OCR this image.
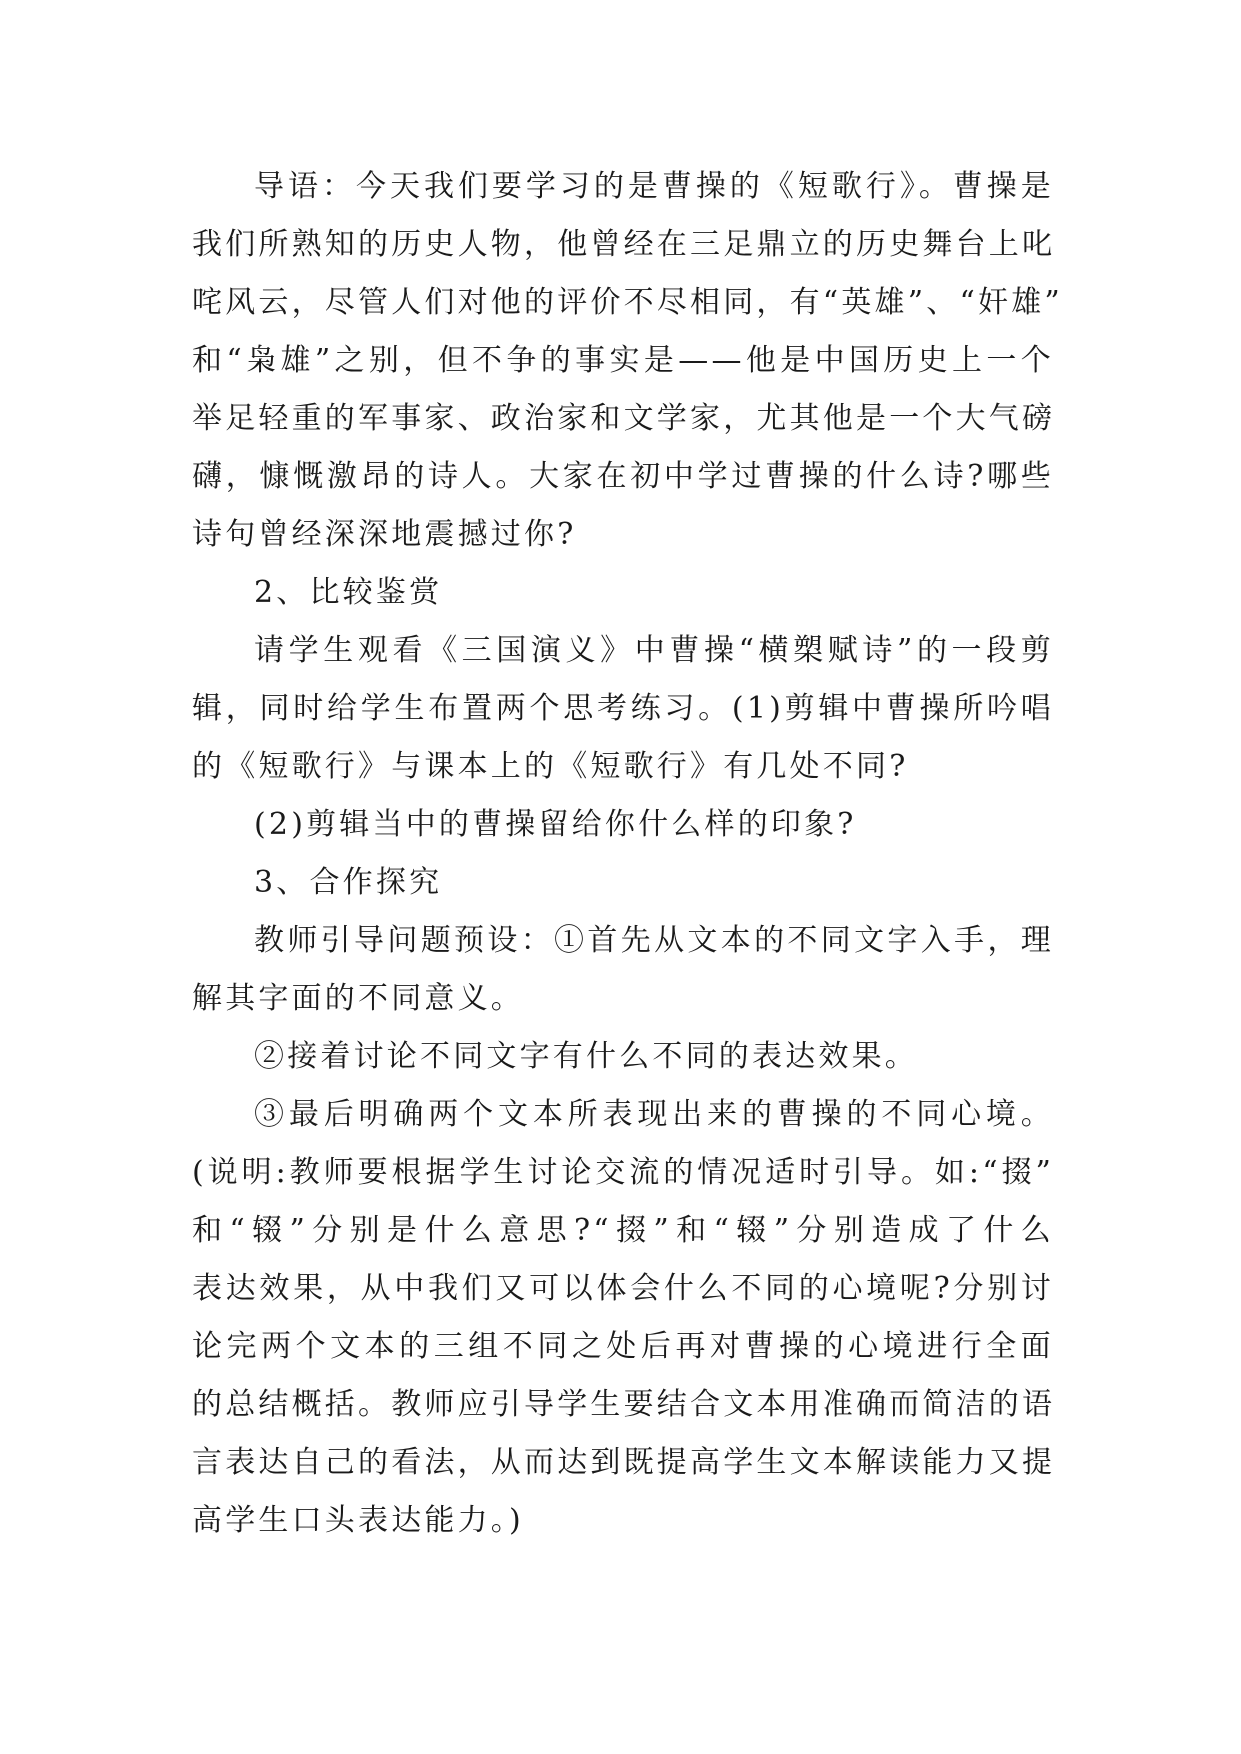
导语：今天我们要学习的是曹操的《短歌行》。曹操是
我们所熟知的历史人物，他曾经在三足鼎立的历史舞台上叱
咤风云，尽管人们对他的评价不尽相同，有“英雄”、“奸雄”
和“枭雄”之别，但不争的事实是——他是中国历史上一个
举足轻重的军事家、政治家和文学家，尤其他是一个大气磅
礴，慷慨激昂的诗人。大家在初中学过曹操的什么诗?哪些
诗句曾经深深地震撼过你?
2、比较鉴赏
请学生观看《三国演义》中曹操“横槊赋诗”的一段剪
辑，同时给学生布置两个思考练习。(1)剪辑中曹操所吟唱
的《短歌行》与课本上的《短歌行》有几处不同?
(2)剪辑当中的曹操留给你什么样的印象?
3、合作探究
教师引导问题预设：①首先从文本的不同文字入手，理
解其字面的不同意义。
②接着讨论不同文字有什么不同的表达效果。
③最后明确两个文本所表现出来的曹操的不同心境。
(说明:教师要根据学生讨论交流的情况适时引导。如:“掇”
和“辍”分别是什么意思?“掇”和“辍”分别造成了什么
表达效果，从中我们又可以体会什么不同的心境呢?分别讨
论完两个文本的三组不同之处后再对曹操的心境进行全面
的总结概括。教师应引导学生要结合文本用准确而简洁的语
言表达自己的看法，从而达到既提高学生文本解读能力又提
高学生口头表达能力。)
